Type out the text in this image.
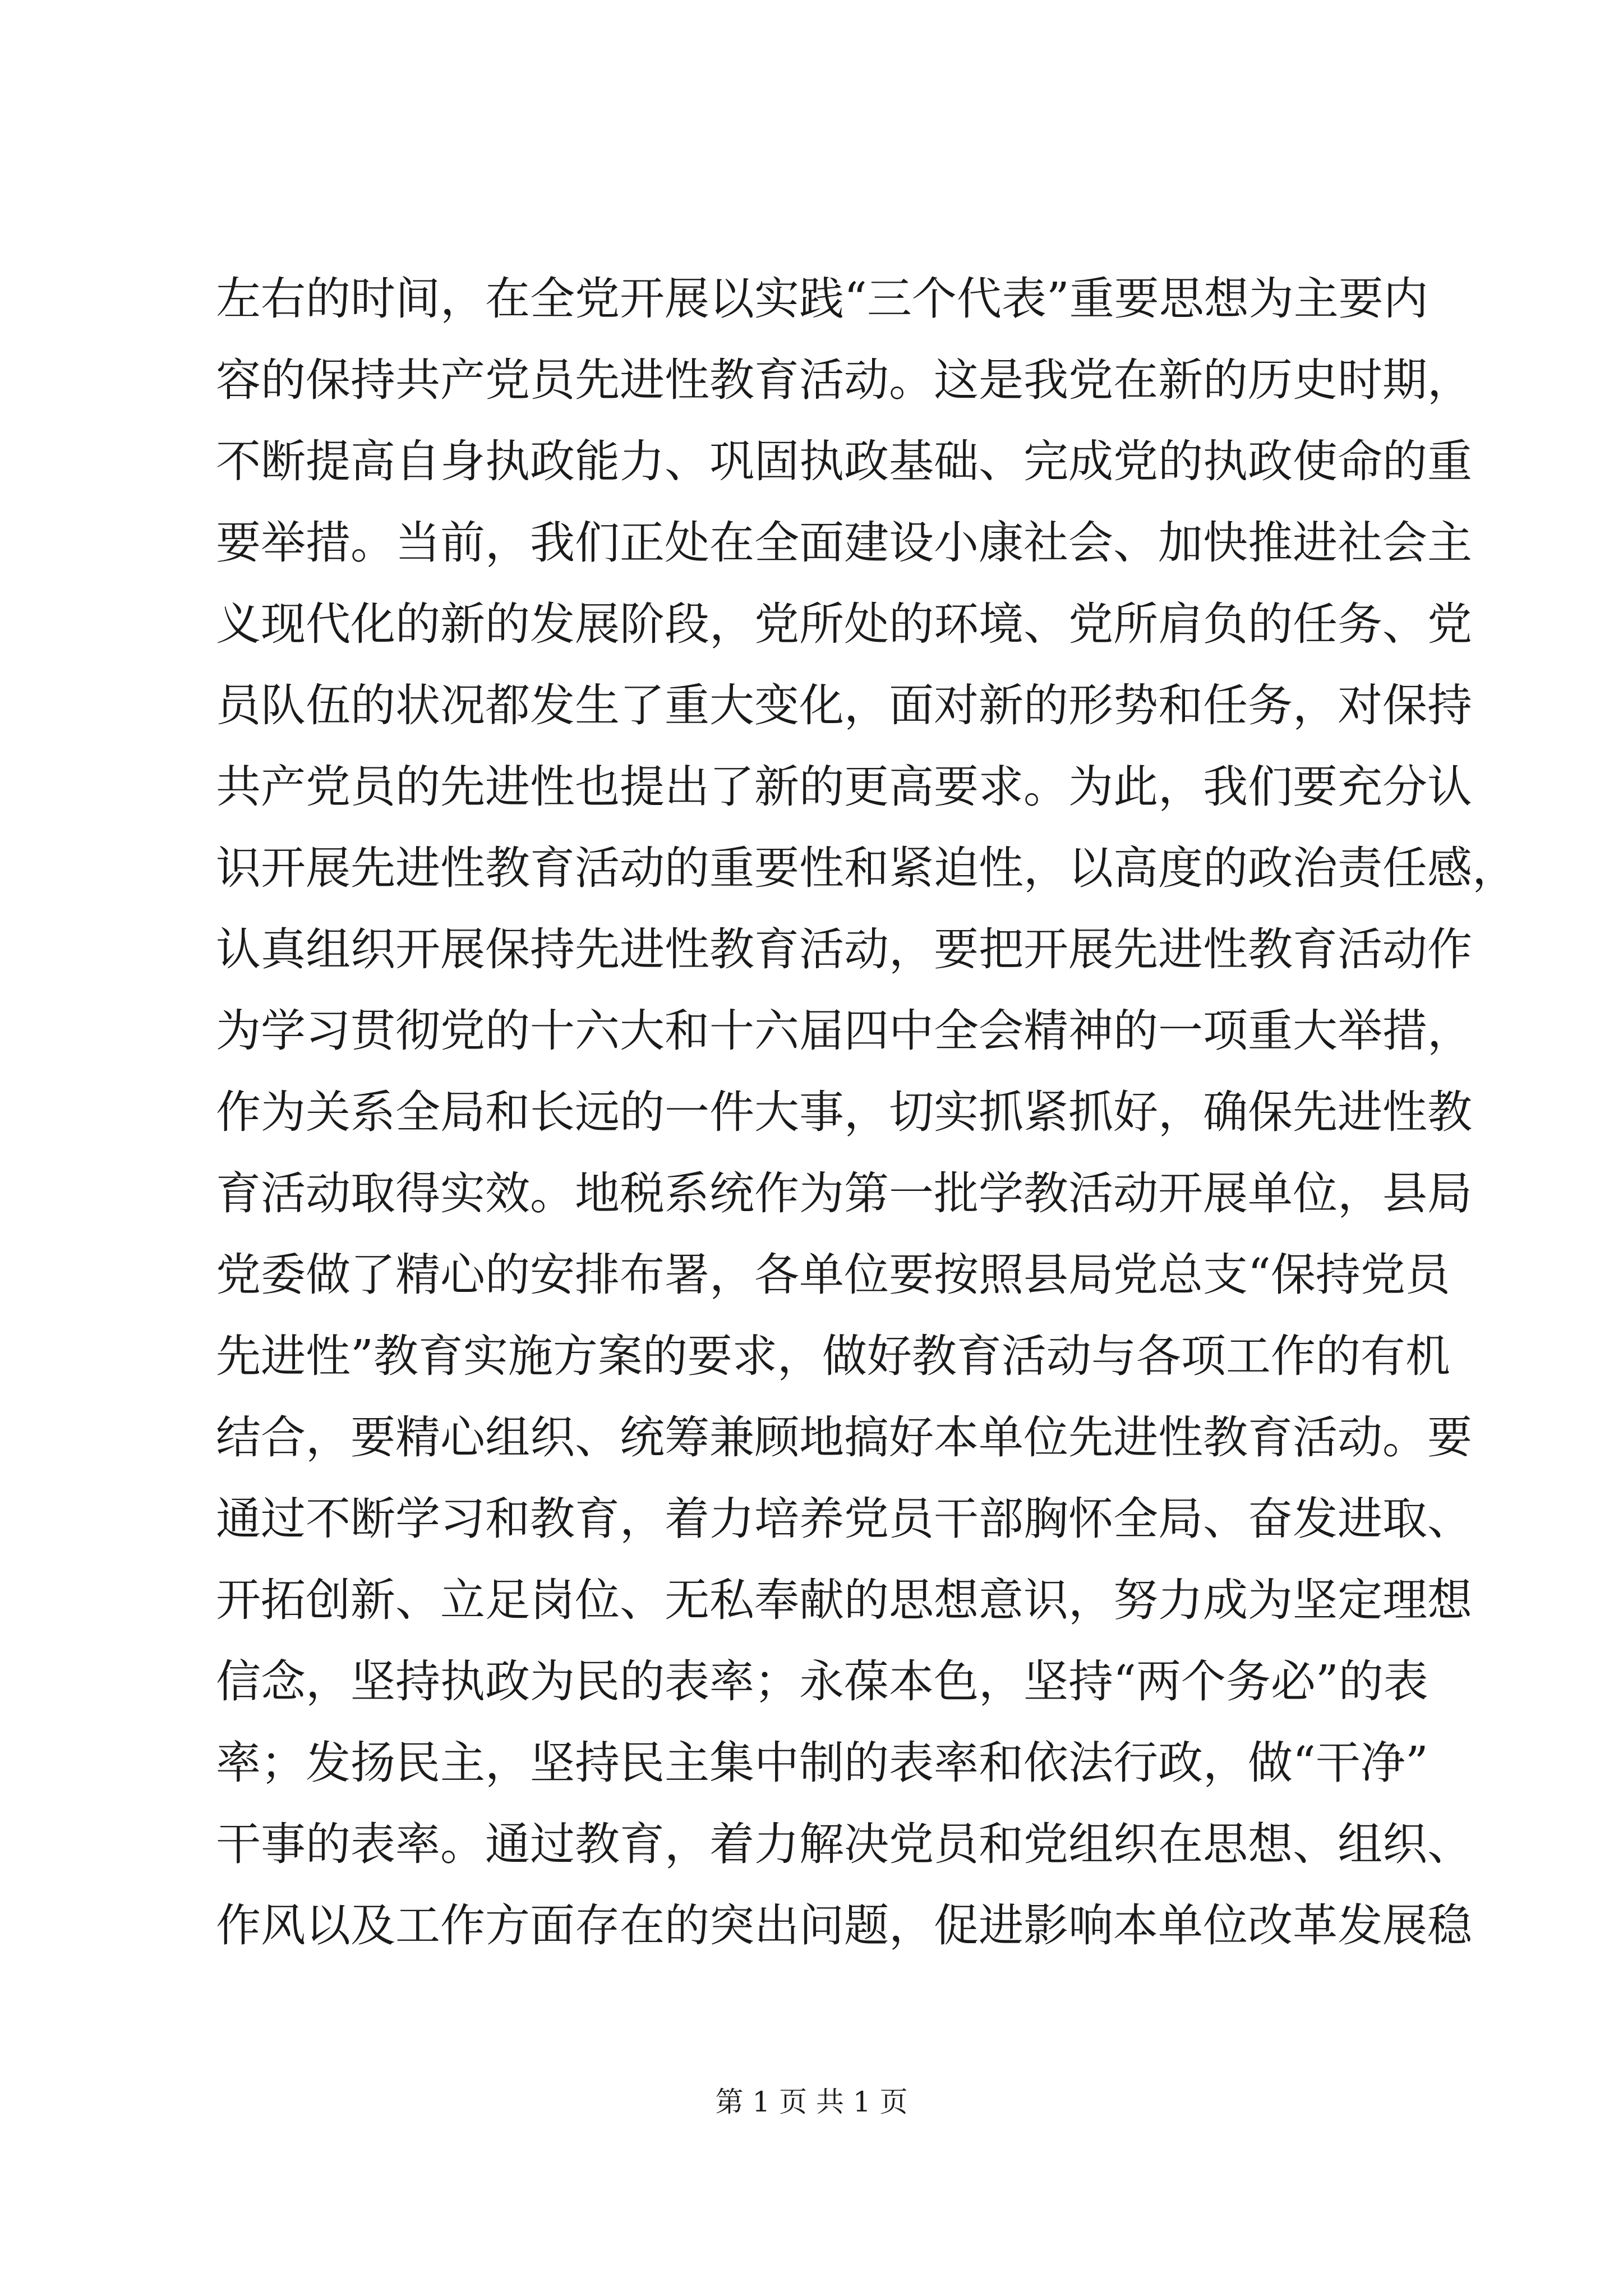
左右的时间，在全党开展以实践“三个代表”重要思想为主要内
容的保持共产党员先进性教育活动。这是我党在新的历史时期，
不断提高自身执政能力、巩固执政基础、完成党的执政使命的重
要举措。当前，我们正处在全面建设小康社会、加快推进社会主
义现代化的新的发展阶段，党所处的环境、党所肩负的任务、党
员队伍的状况都发生了重大变化，面对新的形势和任务，对保持
共产党员的先进性也提出了新的更高要求。为此，我们要充分认
识开展先进性教育活动的重要性和紧迫性，以高度的政治责任感，
认真组织开展保持先进性教育活动，要把开展先进性教育活动作
为学习贯彻党的十六大和十六届四中全会精神的一项重大举措，
作为关系全局和长远的一件大事，切实抓紧抓好，确保先进性教
育活动取得实效。地税系统作为第一批学教活动开展单位，县局
党委做了精心的安排布署，各单位要按照县局党总支“保持党员
先进性”教育实施方案的要求，做好教育活动与各项工作的有机
结合，要精心组织、统筹兼顾地搞好本单位先进性教育活动。要
通过不断学习和教育，着力培养党员干部胸怀全局、奋发进取、
开拓创新、立足岗位、无私奉献的思想意识，努力成为坚定理想
信念，坚持执政为民的表率；永葆本色，坚持“两个务必”的表
率；发扬民主，坚持民主集中制的表率和依法行政，做“干净”
干事的表率。通过教育，着力解决党员和党组织在思想、组织、
作风以及工作方面存在的突出问题，促进影响本单位改革发展稳
第 1 页 共 1 页
